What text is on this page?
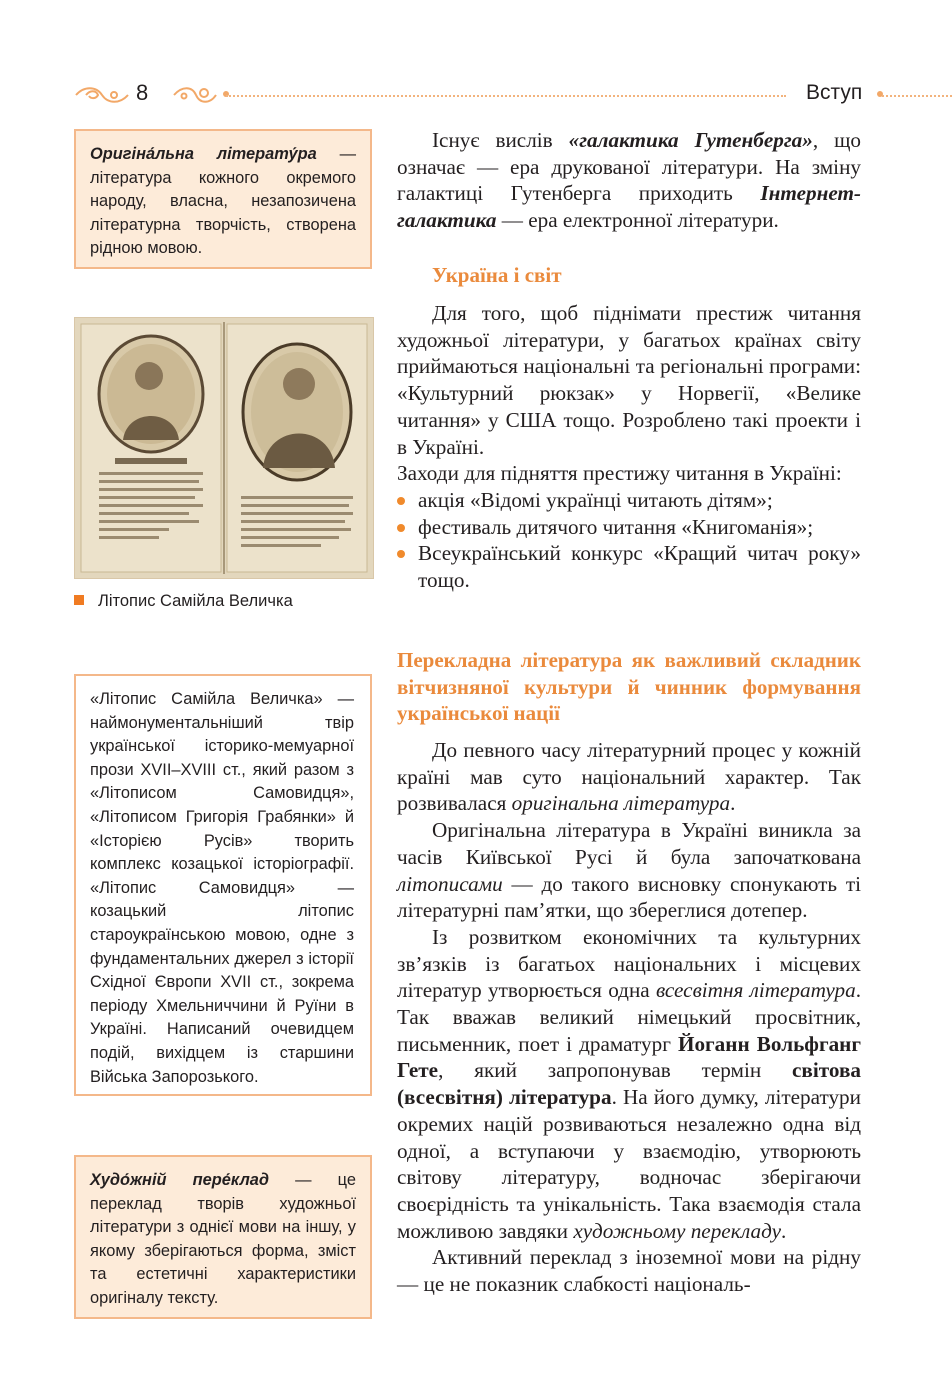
8	Вступ
Оригіна́льна літерату́ра — література кожного окремого народу, власна, незапозичена літературна творчість, створена рідною мовою.
Літопис Самійла Величка
«Літопис Самійла Величка» — наймонументальніший твір української історико-мемуарної прози XVII–XVIII ст., який разом з «Літописом Самовидця», «Літописом Григорія Грабянки» й «Історією Русів» творить комплекс козацької історіографії. «Літопис Самовидця» — козацький літопис староукраїнською мовою, одне з фундаментальних джерел з історії Східної Європи XVII ст., зокрема періоду Хмельниччини й Руїни в Україні. Написаний очевидцем подій, вихідцем із старшини Війська Запорозького.
Худо́жній пере́клад — це переклад творів художньої літератури з однієї мови на іншу, у якому зберігаються форма, зміст та естетичні характеристики оригіналу тексту.

Існує вислів «галактика Гутенберга», що означає — ера друкованої літератури. На зміну галактиці Гутенберга приходить Інтернет-галактика — ера електронної літератури.

Україна і світ

Для того, щоб піднімати престиж читання художньої літератури, у багатьох країнах світу приймаються національні та регіональні програми: «Культурний рюкзак» у Норвегії, «Велике читання» у США тощо. Розроблено такі проекти і в Україні.

Заходи для підняття престижу читання в Україні:

акція «Відомі українці читають дітям»;
фестиваль дитячого читання «Книгоманія»;
Всеукраїнський конкурс «Кращий читач року» тощо.
Перекладна література як важливий складник вітчизняної культури й чинник формування української нації

До певного часу літературний процес у кожній країні мав суто національний характер. Так розвивалася оригінальна література.

Оригінальна література в Україні виникла за часів Київської Русі й була започаткована літописами — до такого висновку спонукають ті літературні пам’ятки, що збереглися дотепер.

Із розвитком економічних та культурних зв’язків із багатьох національних і місцевих літератур утворюється одна всесвітня література. Так вважав великий німецький просвітник, письменник, поет і драматург Йоганн Вольфганг Гете, який запропонував термін світова (всесвітня) література. На його думку, літератури окремих націй розвиваються незалежно одна від одної, а вступаючи у взаємодію, утворюють світову літературу, водночас зберігаючи своєрідність та унікальність. Така взаємодія стала можливою завдяки художньому перекладу.

Активний переклад з іноземної мови на рідну — це не показник слабкості національ-
